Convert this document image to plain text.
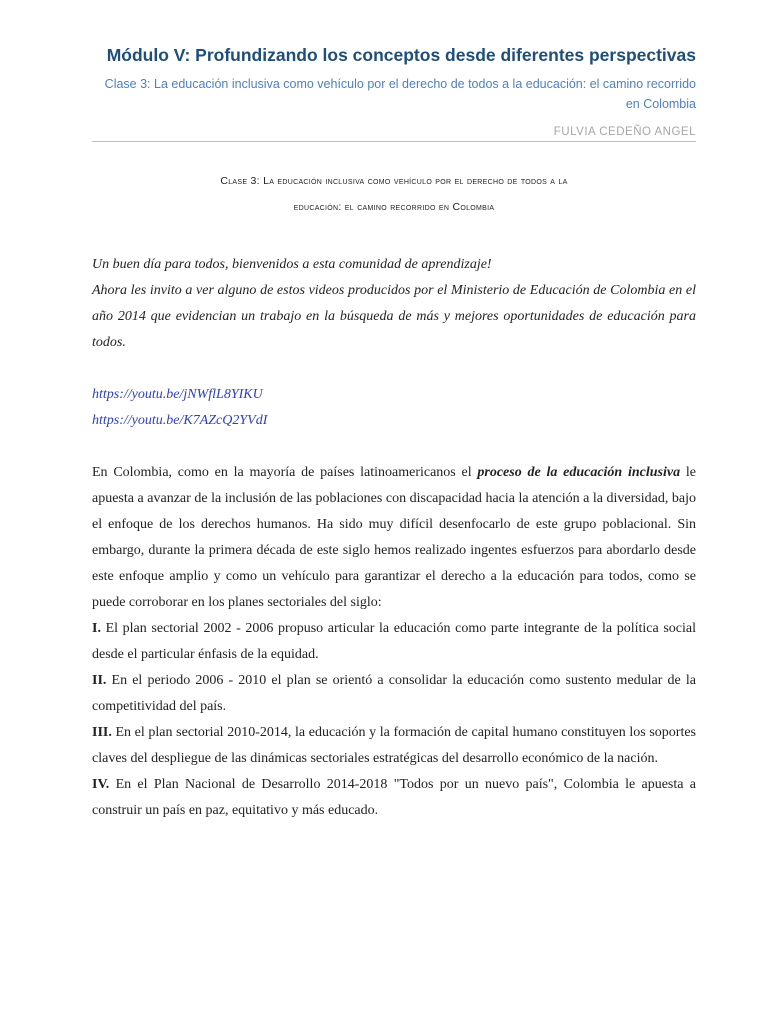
Módulo V: Profundizando los conceptos desde diferentes perspectivas
Clase 3: La educación inclusiva como vehículo por el derecho de todos a la educación: el camino recorrido en Colombia
FULVIA CEDEÑO ANGEL
Clase 3: La educación inclusiva como vehículo por el derecho de todos a la
educación: el camino recorrido en Colombia

Un buen día para todos, bienvenidos a esta comunidad de aprendizaje!

Ahora les invito a ver alguno de estos videos producidos por el Ministerio de Educación de Colombia en el año 2014 que evidencian un trabajo en la búsqueda de más y mejores oportunidades de educación para todos.

https://youtu.be/jNWflL8YIKU
https://youtu.be/K7AZcQ2YVdI

En Colombia, como en la mayoría de países latinoamericanos el proceso de la educación inclusiva le apuesta a avanzar de la inclusión de las poblaciones con discapacidad hacia la atención a la diversidad, bajo el enfoque de los derechos humanos. Ha sido muy difícil desenfocarlo de este grupo poblacional. Sin embargo, durante la primera década de este siglo hemos realizado ingentes esfuerzos para abordarlo desde este enfoque amplio y como un vehículo para garantizar el derecho a la educación para todos, como se puede corroborar en los planes sectoriales del siglo:

I. El plan sectorial 2002 - 2006 propuso articular la educación como parte integrante de la política social desde el particular énfasis de la equidad.

II. En el periodo 2006 - 2010 el plan se orientó a consolidar la educación como sustento medular de la competitividad del país.

III. En el plan sectorial 2010-2014, la educación y la formación de capital humano constituyen los soportes claves del despliegue de las dinámicas sectoriales estratégicas del desarrollo económico de la nación.

IV. En el Plan Nacional de Desarrollo 2014-2018 "Todos por un nuevo país", Colombia le apuesta a construir un país en paz, equitativo y más educado.
